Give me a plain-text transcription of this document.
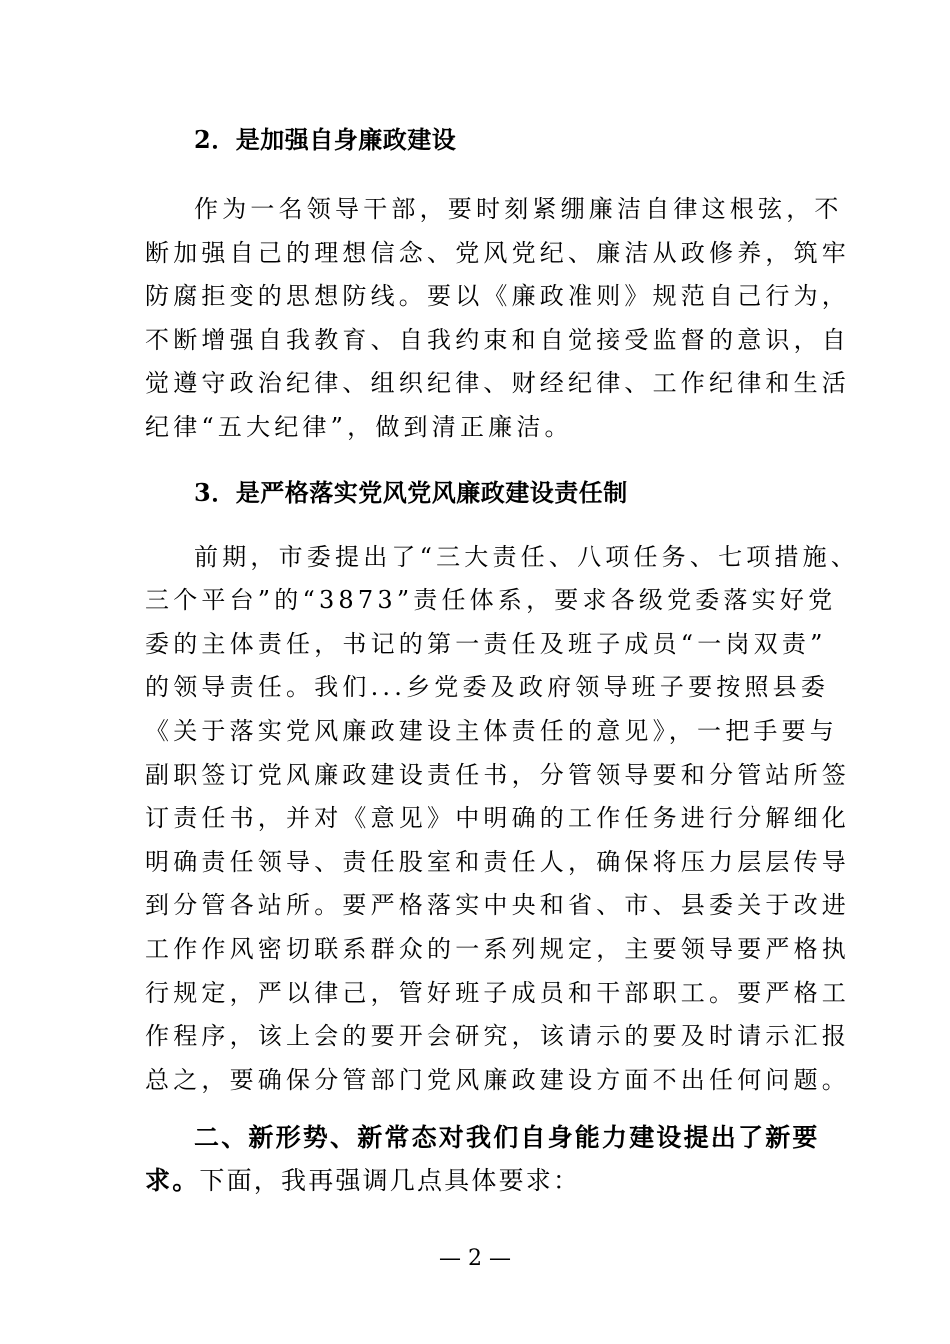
2．是加强自身廉政建设

作为一名领导干部，要时刻紧绷廉洁自律这根弦，不
断加强自己的理想信念、党风党纪、廉洁从政修养，筑牢
防腐拒变的思想防线。要以《廉政准则》规范自己行为，
不断增强自我教育、自我约束和自觉接受监督的意识，自
觉遵守政治纪律、组织纪律、财经纪律、工作纪律和生活
纪律“五大纪律”，做到清正廉洁。

3．是严格落实党风党风廉政建设责任制

前期，市委提出了“三大责任、八项任务、七项措施、
三个平台”的“3873”责任体系，要求各级党委落实好党
委的主体责任，书记的第一责任及班子成员“一岗双责”
的领导责任。我们...乡党委及政府领导班子要按照县委
《关于落实党风廉政建设主体责任的意见》，一把手要与
副职签订党风廉政建设责任书，分管领导要和分管站所签
订责任书，并对《意见》中明确的工作任务进行分解细化
明确责任领导、责任股室和责任人，确保将压力层层传导
到分管各站所。要严格落实中央和省、市、县委关于改进
工作作风密切联系群众的一系列规定，主要领导要严格执
行规定，严以律己，管好班子成员和干部职工。要严格工
作程序，该上会的要开会研究，该请示的要及时请示汇报
总之，要确保分管部门党风廉政建设方面不出任何问题。

二、新形势、新常态对我们自身能力建设提出了新要
求。下面，我再强调几点具体要求：

— 2 —
